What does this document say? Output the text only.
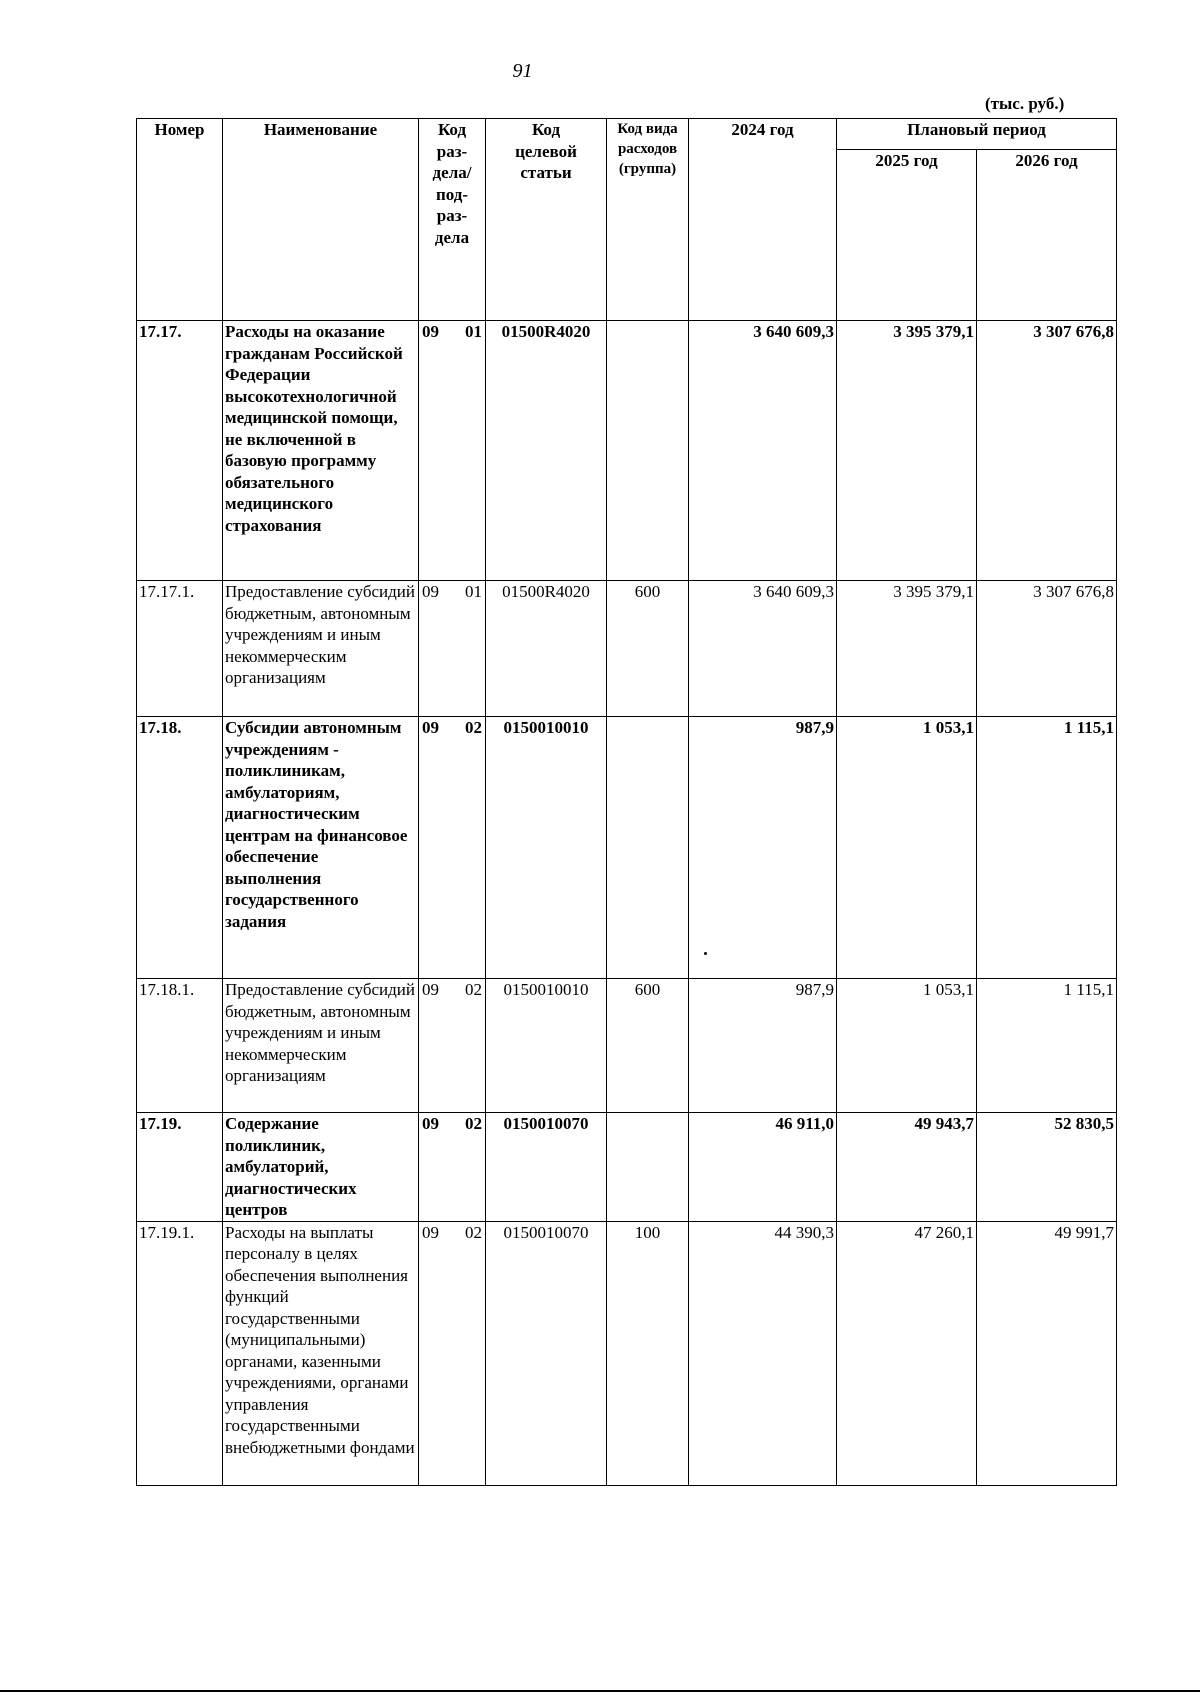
91
(тыс. руб.)
Номер	Наименование	Код раз- дела/ под- раз- дела	Код целевой статьи	Код вида расходов (группа)	2024 год	Плановый период	
						2025 год	2026 год
17.17.	Расходы на оказание гражданам Российской Федерации высокотехнологичной медицинской помощи, не включенной в базовую программу обязательного медицинского страхования	09 01	01500R4020		3 640 609,3	3 395 379,1	3 307 676,8
17.17.1.	Предоставление субсидий бюджетным, автономным учреждениям и иным некоммерческим организациям	09 01	01500R4020	600	3 640 609,3	3 395 379,1	3 307 676,8
17.18.	Субсидии автономным учреждениям - поликлиникам, амбулаториям, диагностическим центрам на финансовое обеспечение выполнения государственного задания	09 02	0150010010		987,9	1 053,1	1 115,1
17.18.1.	Предоставление субсидий бюджетным, автономным учреждениям и иным некоммерческим организациям	09 02	0150010010	600	987,9	1 053,1	1 115,1
17.19.	Содержание поликлиник, амбулаторий, диагностических центров	09 02	0150010070		46 911,0	49 943,7	52 830,5
17.19.1.	Расходы на выплаты персоналу в целях обеспечения выполнения функций государственными (муниципальными) органами, казенными учреждениями, органами управления государственными внебюджетными фондами	09 02	0150010070	100	44 390,3	47 260,1	49 991,7
